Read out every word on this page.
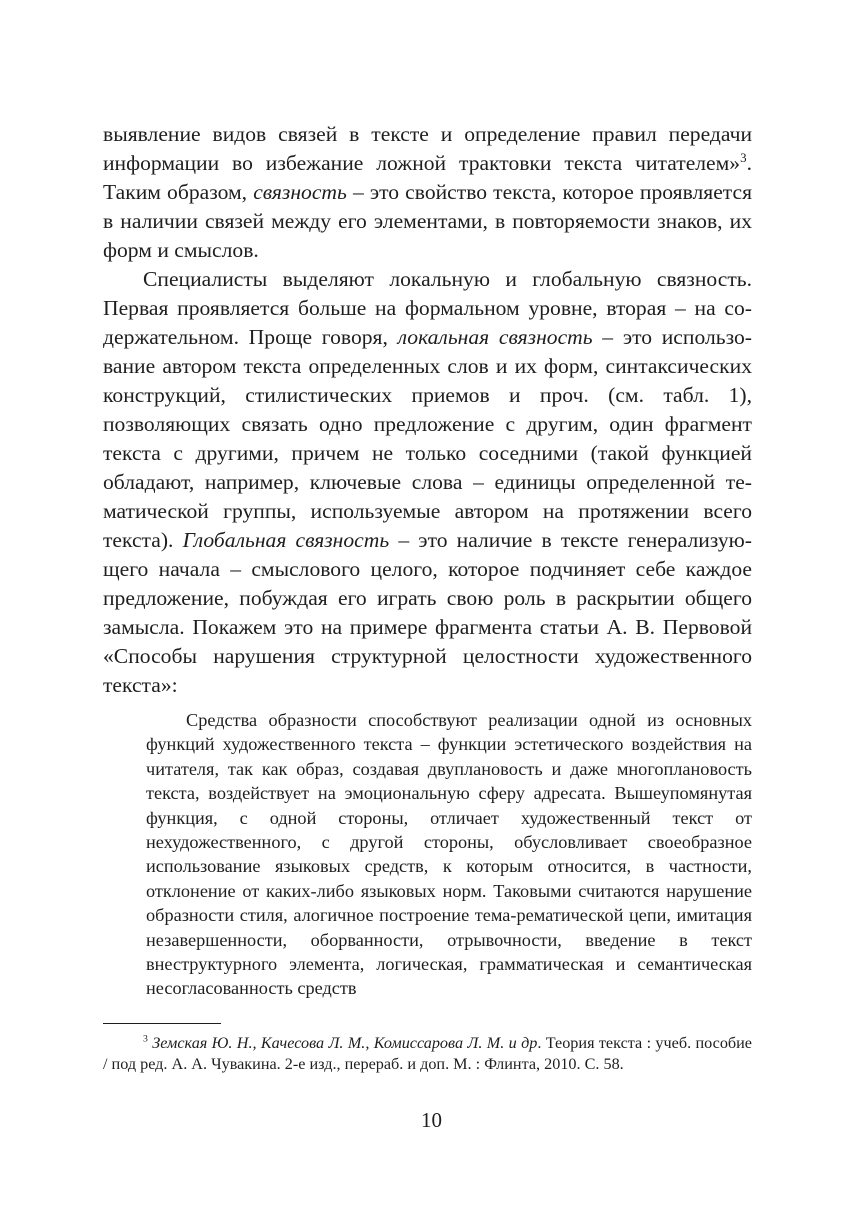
выявление видов связей в тексте и определение правил передачи информации во избежание ложной трактовки текста читателем»$^3$. Таким образом, связность – это свойство текста, которое проявляется в наличии связей между его элементами, в повторяемости знаков, их форм и смыслов.

Специалисты выделяют локальную и глобальную связность. Первая проявляется больше на формальном уровне, вторая – на содержательном. Проще говоря, локальная связность – это использование автором текста определенных слов и их форм, синтаксических конструкций, стилистических приемов и проч. (см. табл. 1), позволяющих связать одно предложение с другим, один фрагмент текста с другими, причем не только соседними (такой функцией обладают, например, ключевые слова – единицы определенной тематической группы, используемые автором на протяжении всего текста). Глобальная связность – это наличие в тексте генерализующего начала – смыслового целого, которое подчиняет себе каждое предложение, побуждая его играть свою роль в раскрытии общего замысла. Покажем это на примере фрагмента статьи А. В. Первовой «Способы нарушения структурной целостности художественного текста»:

Средства образности способствуют реализации одной из основных функций художественного текста – функции эстетического воздействия на читателя, так как образ, создавая двуплановость и даже многоплановость текста, воздействует на эмоциональную сферу адресата. Вышеупомянутая функция, с одной стороны, отличает художественный текст от нехудожественного, с другой стороны, обусловливает своеобразное использование языковых средств, к которым относится, в частности, отклонение от каких-либо языковых норм. Таковыми считаются нарушение образности стиля, алогичное построение тема-рематической цепи, имитация незавершенности, оборванности, отрывочности, введение в текст внеструктурного элемента, логическая, грамматическая и семантическая несогласованность средств

$^3$ Земская Ю. Н., Качесова Л. М., Комиссарова Л. М. и др. Теория текста : учеб. пособие / под ред. А. А. Чувакина. 2-е изд., перераб. и доп. М. : Флинта, 2010. С. 58.

10
